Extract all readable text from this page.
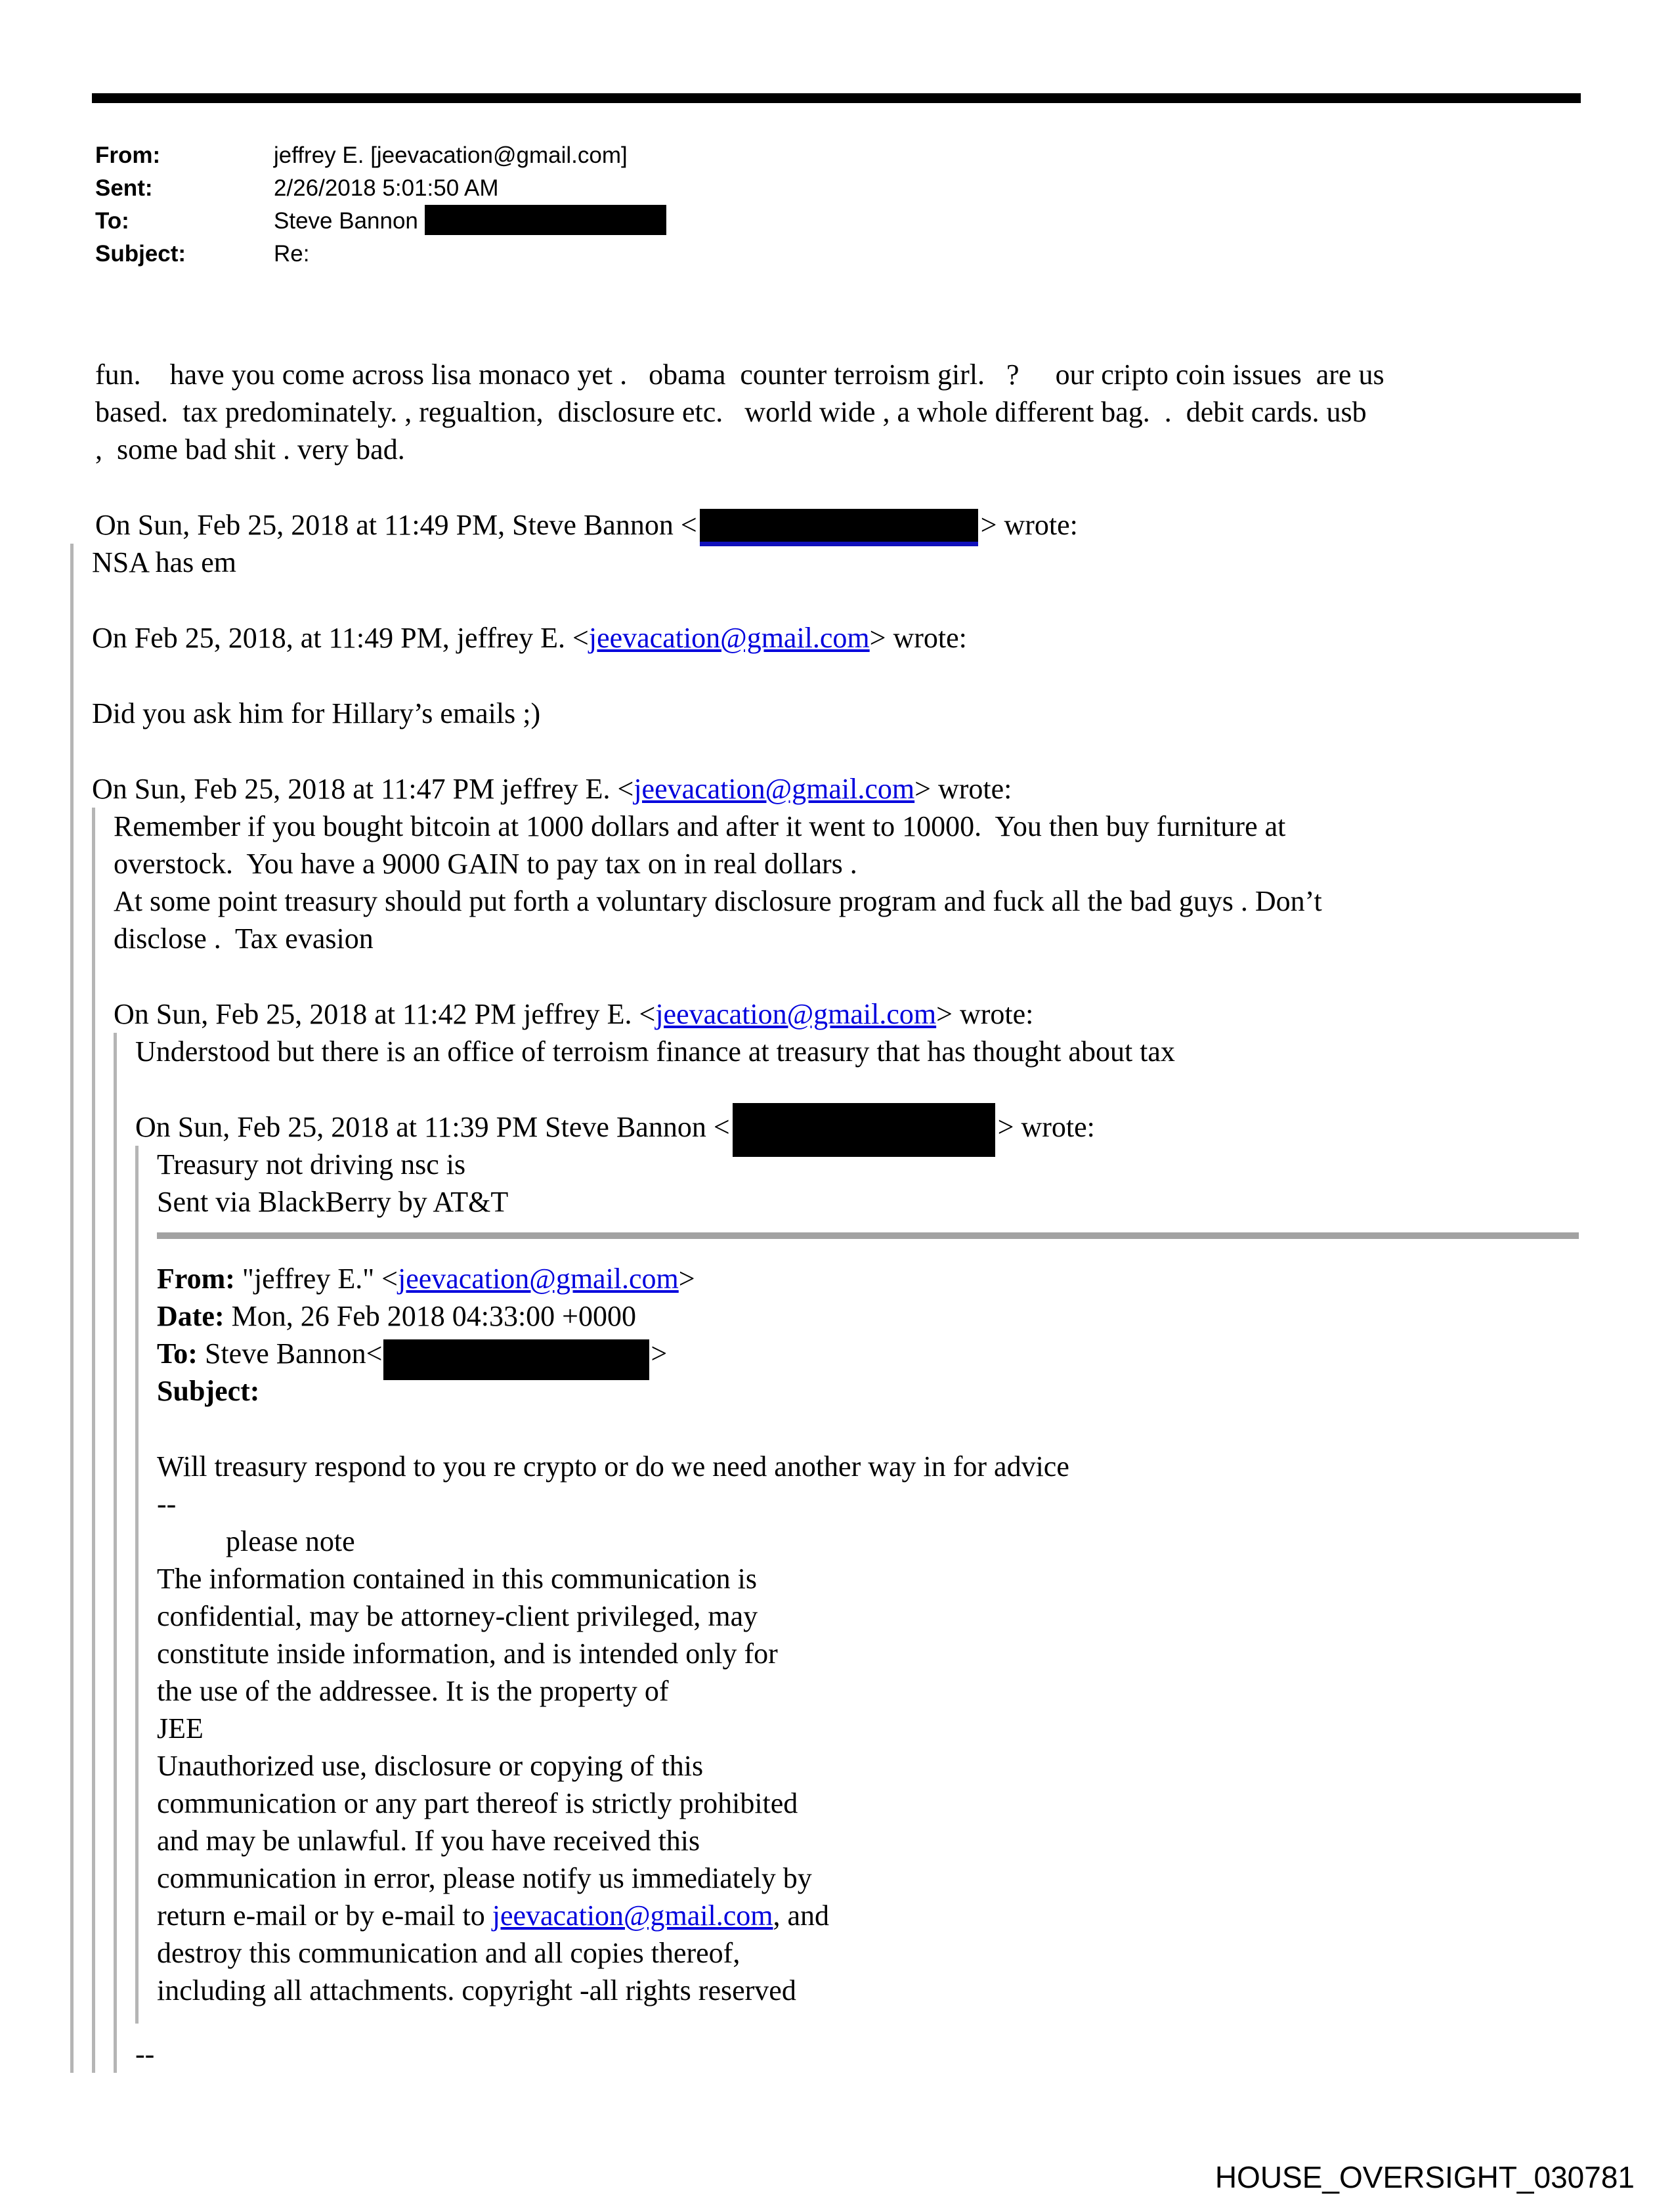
From:	jeffrey E. [jeevacation@gmail.com]
Sent:	2/26/2018 5:01:50 AM
To:	Steve Bannon
Subject:	Re:

fun.    have you come across lisa monaco yet .   obama  counter terroism girl.   ?     our cripto coin issues  are us
based.  tax predominately. , regualtion,  disclosure etc.   world wide , a whole different bag.  .  debit cards. usb
,  some bad shit . very bad.

On Sun, Feb 25, 2018 at 11:49 PM, Steve Bannon <	> wrote:

NSA has em

On Feb 25, 2018, at 11:49 PM, jeffrey E. <jeevacation@gmail.com> wrote:

Did you ask him for Hillary’s emails ;)

On Sun, Feb 25, 2018 at 11:47 PM jeffrey E. <jeevacation@gmail.com> wrote:

Remember if you bought bitcoin at 1000 dollars and after it went to 10000.  You then buy furniture at
overstock.  You have a 9000 GAIN to pay tax on in real dollars .

At some point treasury should put forth a voluntary disclosure program and fuck all the bad guys . Don’t
disclose .  Tax evasion

On Sun, Feb 25, 2018 at 11:42 PM jeffrey E. <jeevacation@gmail.com> wrote:

Understood but there is an office of terroism finance at treasury that has thought about tax

On Sun, Feb 25, 2018 at 11:39 PM Steve Bannon <	> wrote:

Treasury not driving nsc is

Sent via BlackBerry by AT&T

From: "jeffrey E." <jeevacation@gmail.com>

Date: Mon, 26 Feb 2018 04:33:00 +0000

To: Steve Bannon<	>

Subject:

Will treasury respond to you re crypto or do we need another way in for advice

--

please note

The information contained in this communication is
confidential, may be attorney-client privileged, may
constitute inside information, and is intended only for
the use of the addressee. It is the property of
JEE
Unauthorized use, disclosure or copying of this
communication or any part thereof is strictly prohibited
and may be unlawful. If you have received this
communication in error, please notify us immediately by
return e-mail or by e-mail to jeevacation@gmail.com, and
destroy this communication and all copies thereof,
including all attachments. copyright -all rights reserved

--

HOUSE_OVERSIGHT_030781
